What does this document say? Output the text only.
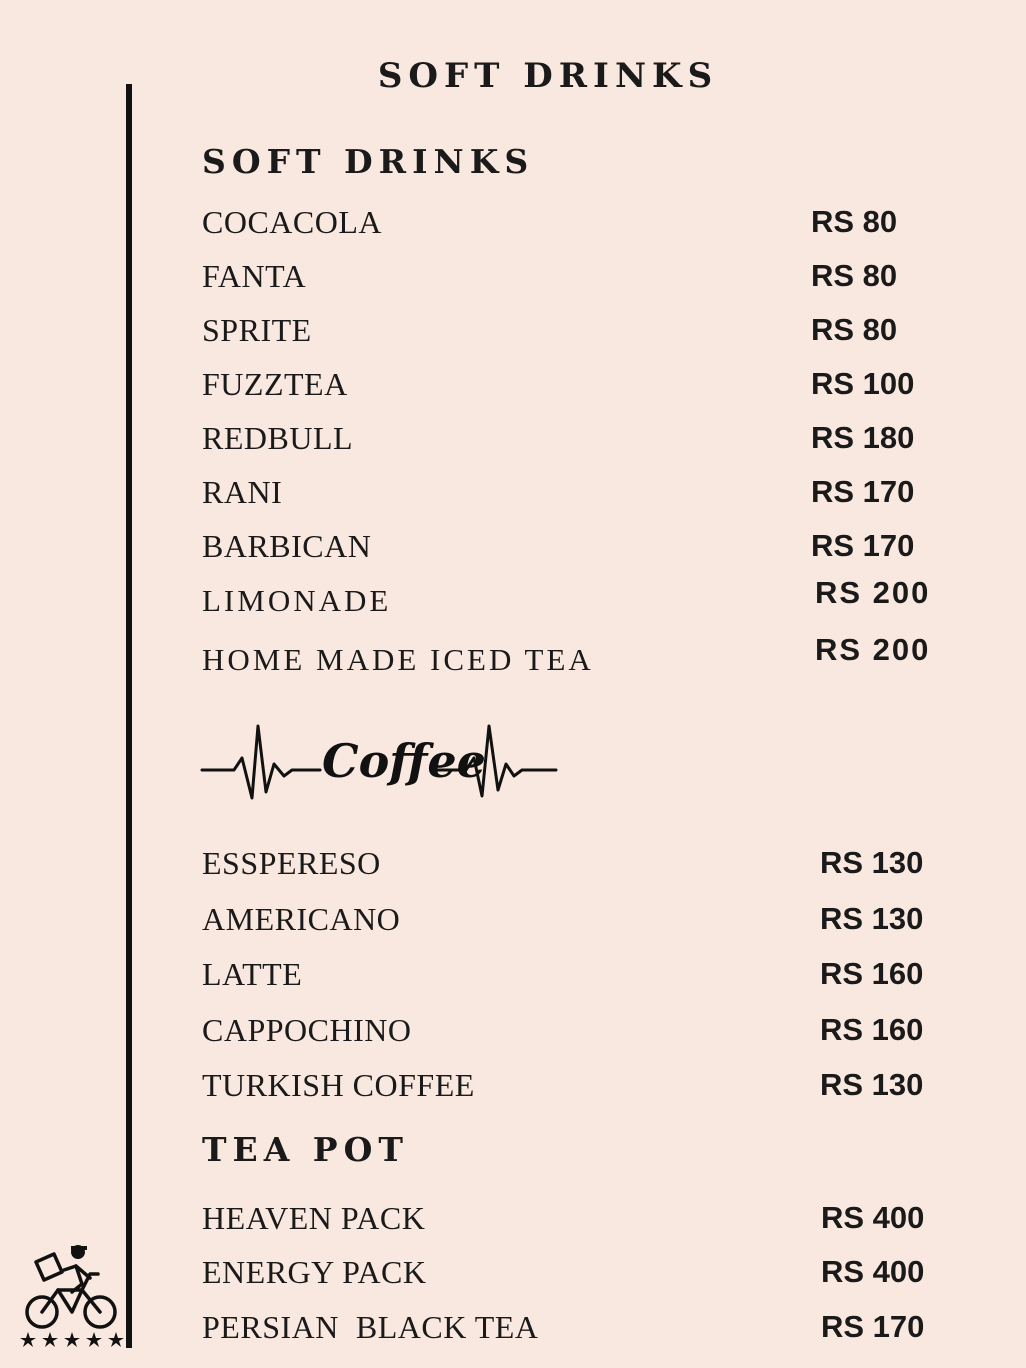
SOFT DRINKS
SOFT DRINKS
COCACOLA	RS 80
FANTA	RS 80
SPRITE	RS 80
FUZZTEA	RS 100
REDBULL	RS 180
RANI	RS 170
BARBICAN	RS 170
LIMONADE	RS 200
HOME MADE ICED TEA	RS 200
Coffee
ESSPERESO	RS 130
AMERICANO	RS 130
LATTE	RS 160
CAPPOCHINO	RS 160
TURKISH COFFEE	RS 130
TEA POT
HEAVEN PACK	RS 400
ENERGY PACK	RS 400
PERSIAN  BLACK TEA	RS 170
